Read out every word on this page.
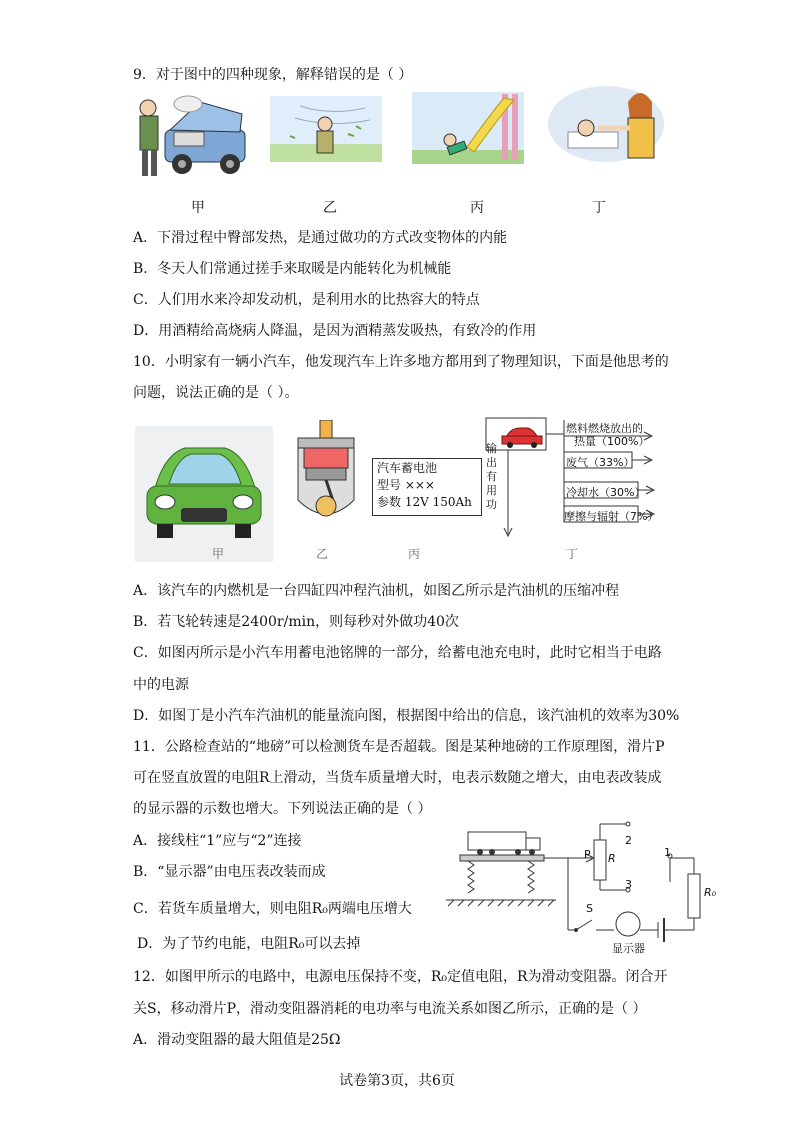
9．对于图中的四种现象，解释错误的是（ ）
甲	乙	丙	丁
A．下滑过程中臀部发热，是通过做功的方式改变物体的内能
B．冬天人们常通过搓手来取暖是内能转化为机械能
C．人们用水来冷却发动机，是利用水的比热容大的特点
D．用酒精给高烧病人降温，是因为酒精蒸发吸热，有致冷的作用
10．小明家有一辆小汽车，他发现汽车上许多地方都用到了物理知识，下面是他思考的
问题，说法正确的是（ ）。
甲	乙
汽车蓄电池
型号 ×××
参数 12V 150Ah
丙
燃料燃烧放出的
热量（100%）
废气（33%）
冷却水（30%）
摩擦与辐射（7%）
输
出
有
用
功
丁
A．该汽车的内燃机是一台四缸四冲程汽油机，如图乙所示是汽油机的压缩冲程
B．若飞轮转速是2400r/min，则每秒对外做功40次
C．如图丙所示是小汽车用蓄电池铭牌的一部分，给蓄电池充电时，此时它相当于电路
中的电源
D．如图丁是小汽车汽油机的能量流向图，根据图中给出的信息，该汽油机的效率为30%
11．公路检查站的“地磅”可以检测货车是否超载。图是某种地磅的工作原理图，滑片P
可在竖直放置的电阻R上滑动，当货车质量增大时，电表示数随之增大，由电表改装成
的显示器的示数也增大。下列说法正确的是（ ）
A．接线柱“1”应与“2”连接
B．“显示器”由电压表改装而成
C．若货车质量增大，则电阻R₀两端电压增大
D．为了节约电能，电阻R₀可以去掉
P R
2
3
1
S
R₀
显示器
12．如图甲所示的电路中，电源电压保持不变，R₀定值电阻，R为滑动变阻器。闭合开
关S，移动滑片P，滑动变阻器消耗的电功率与电流关系如图乙所示，正确的是（ ）
A．滑动变阻器的最大阻值是25Ω
试卷第3页，共6页
